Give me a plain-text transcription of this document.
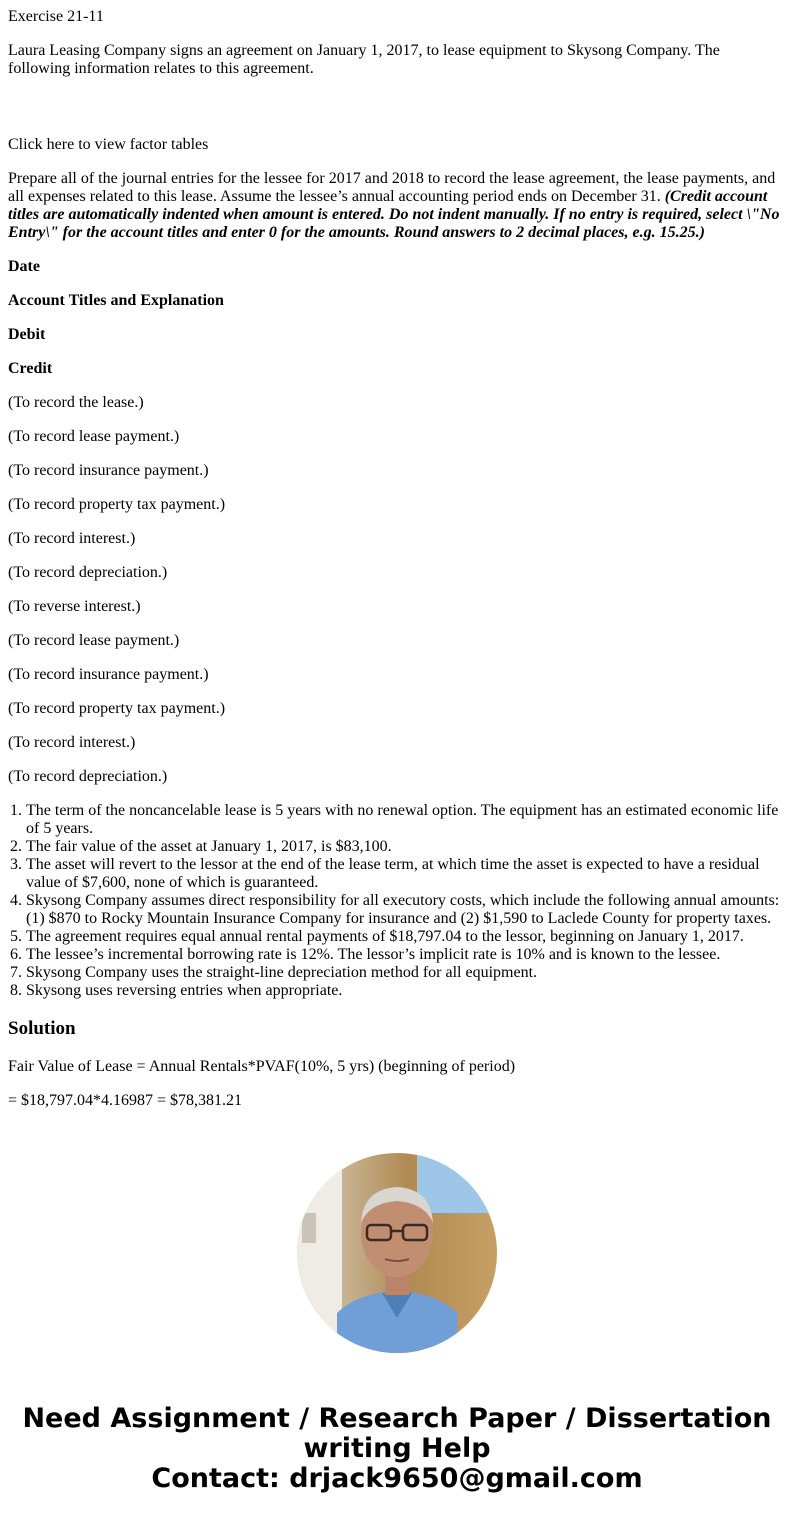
Exercise 21-11

Laura Leasing Company signs an agreement on January 1, 2017, to lease equipment to Skysong Company. The following information relates to this agreement.

Click here to view factor tables

Prepare all of the journal entries for the lessee for 2017 and 2018 to record the lease agreement, the lease payments, and all expenses related to this lease. Assume the lessee’s annual accounting period ends on December 31. (Credit account titles are automatically indented when amount is entered. Do not indent manually. If no entry is required, select \"No Entry\" for the account titles and enter 0 for the amounts. Round answers to 2 decimal places, e.g. 15.25.)

Date

Account Titles and Explanation

Debit

Credit

(To record the lease.)

(To record lease payment.)

(To record insurance payment.)

(To record property tax payment.)

(To record interest.)

(To record depreciation.)

(To reverse interest.)

(To record lease payment.)

(To record insurance payment.)

(To record property tax payment.)

(To record interest.)

(To record depreciation.)

1. The term of the noncancelable lease is 5 years with no renewal option. The equipment has an estimated economic life of 5 years.
2. The fair value of the asset at January 1, 2017, is $83,100.
3. The asset will revert to the lessor at the end of the lease term, at which time the asset is expected to have a residual value of $7,600, none of which is guaranteed.
4. Skysong Company assumes direct responsibility for all executory costs, which include the following annual amounts: (1) $870 to Rocky Mountain Insurance Company for insurance and (2) $1,590 to Laclede County for property taxes.
5. The agreement requires equal annual rental payments of $18,797.04 to the lessor, beginning on January 1, 2017.
6. The lessee’s incremental borrowing rate is 12%. The lessor’s implicit rate is 10% and is known to the lessee.
7. Skysong Company uses the straight-line depreciation method for all equipment.
8. Skysong uses reversing entries when appropriate.
Solution

Fair Value of Lease = Annual Rentals*PVAF(10%, 5 yrs) (beginning of period)

= $18,797.04*4.16987 = $78,381.21

Need Assignment / Research Paper / Dissertation
writing Help
Contact: drjack9650@gmail.com
